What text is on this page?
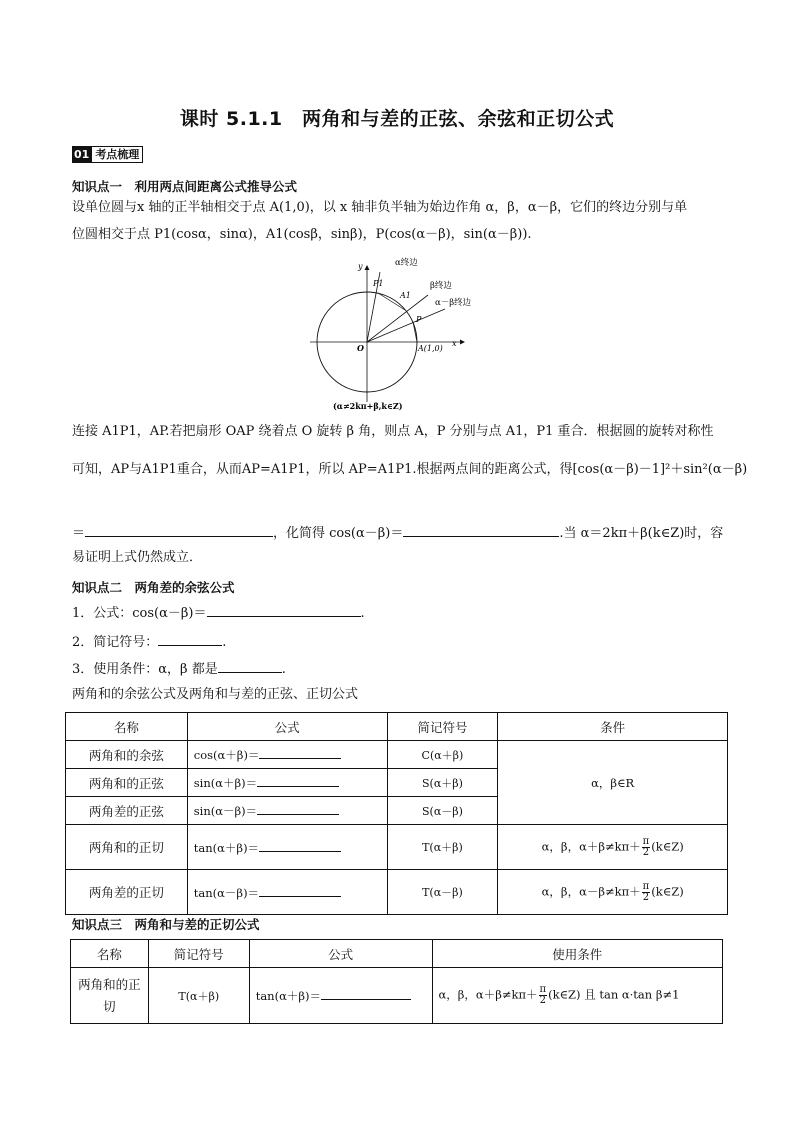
课时 5.1.1　两角和与差的正弦、余弦和正切公式
01 考点梳理
知识点一　利用两点间距离公式推导公式
设单位圆与x 轴的正半轴相交于点 A(1,0)，以 x 轴非负半轴为始边作角 α，β，α－β，它们的终边分别与单
位圆相交于点 P1(cosα，sinα)，A1(cosβ，sinβ)，P(cos(α－β)，sin(α－β)).
y
x
O	A(1,0)
P
A1
P1
α终边
β终边
α－β终边
(α≠2kπ+β,k∈Z)
连接 A1P1，AP.若把扇形 OAP 绕着点 O 旋转 β 角，则点 A，P 分别与点 A1，P1 重合．根据圆的旋转对称性
可知，AP与A1P1重合，从而AP=A1P1，所以 AP=A1P1.根据两点间的距离公式，得[cos(α－β)－1]²＋sin²(α－β)
＝	，化简得 cos(α－β)＝	.当 α＝2kπ＋β(k∈Z)时，容
易证明上式仍然成立．
知识点二　两角差的余弦公式
1．公式：cos(α－β)＝	.
2．简记符号：	.
3．使用条件：α，β 都是	.
两角和的余弦公式及两角和与差的正弦、正切公式
名称	公式	简记符号	条件
两角和的余弦	cos(α＋β)＝	C(α＋β)	α，β∈R
两角和的正弦	sin(α＋β)＝	S(α＋β)	
两角差的正弦	sin(α－β)＝	S(α－β)	
两角和的正切	tan(α＋β)＝	T(α＋β)	α，β，$\alpha+\beta\ne k\pi+ \frac{\pi}{2}$ (k∈Z)
两角差的正切	tan(α－β)＝	T(α－β)	α，β，$\alpha-\beta\ne k\pi+ \frac{\pi}{2}$ (k∈Z)
知识点三　两角和与差的正切公式
名称	简记符号	公式	使用条件
两角和的正切	T(α＋β)	tan(α＋β)＝	α，β，$\alpha+\beta\ne k\pi+ \frac{\pi}{2}$ (k∈Z) 且 tan α·tan β≠1
